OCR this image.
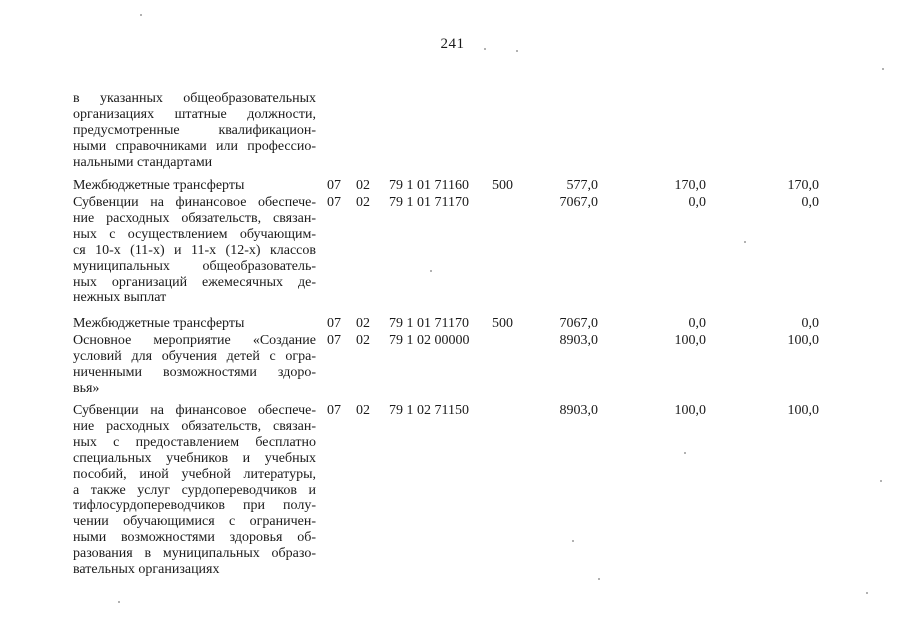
241
в указанных общеобразовательных
организациях штатные должности,
предусмотренные квалификацион-
ными справочниками или профессио-
нальными стандартами
Межбюджетные трансферты	07 02 79 1 01 71160 500	577,0	170,0	170,0
Субвенции на финансовое обеспече-
ние расходных обязательств, связан-
ных с осуществлением обучающим-
ся 10-х (11-х) и 11-х (12-х) классов
муниципальных общеобразователь-
ных организаций ежемесячных де-
нежных выплат
07 02 79 1 01 71170	7067,0	0,0	0,0
Межбюджетные трансферты	07 02 79 1 01 71170 500	7067,0	0,0	0,0
Основное мероприятие «Создание
условий для обучения детей с огра-
ниченными возможностями здоро-
вья»
07 02 79 1 02 00000	8903,0	100,0	100,0
Субвенции на финансовое обеспече-
ние расходных обязательств, связан-
ных с предоставлением бесплатно
специальных учебников и учебных
пособий, иной учебной литературы,
а также услуг сурдопереводчиков и
тифлосурдопереводчиков при полу-
чении обучающимися с ограничен-
ными возможностями здоровья об-
разования в муниципальных образо-
вательных организациях
07 02 79 1 02 71150	8903,0	100,0	100,0
